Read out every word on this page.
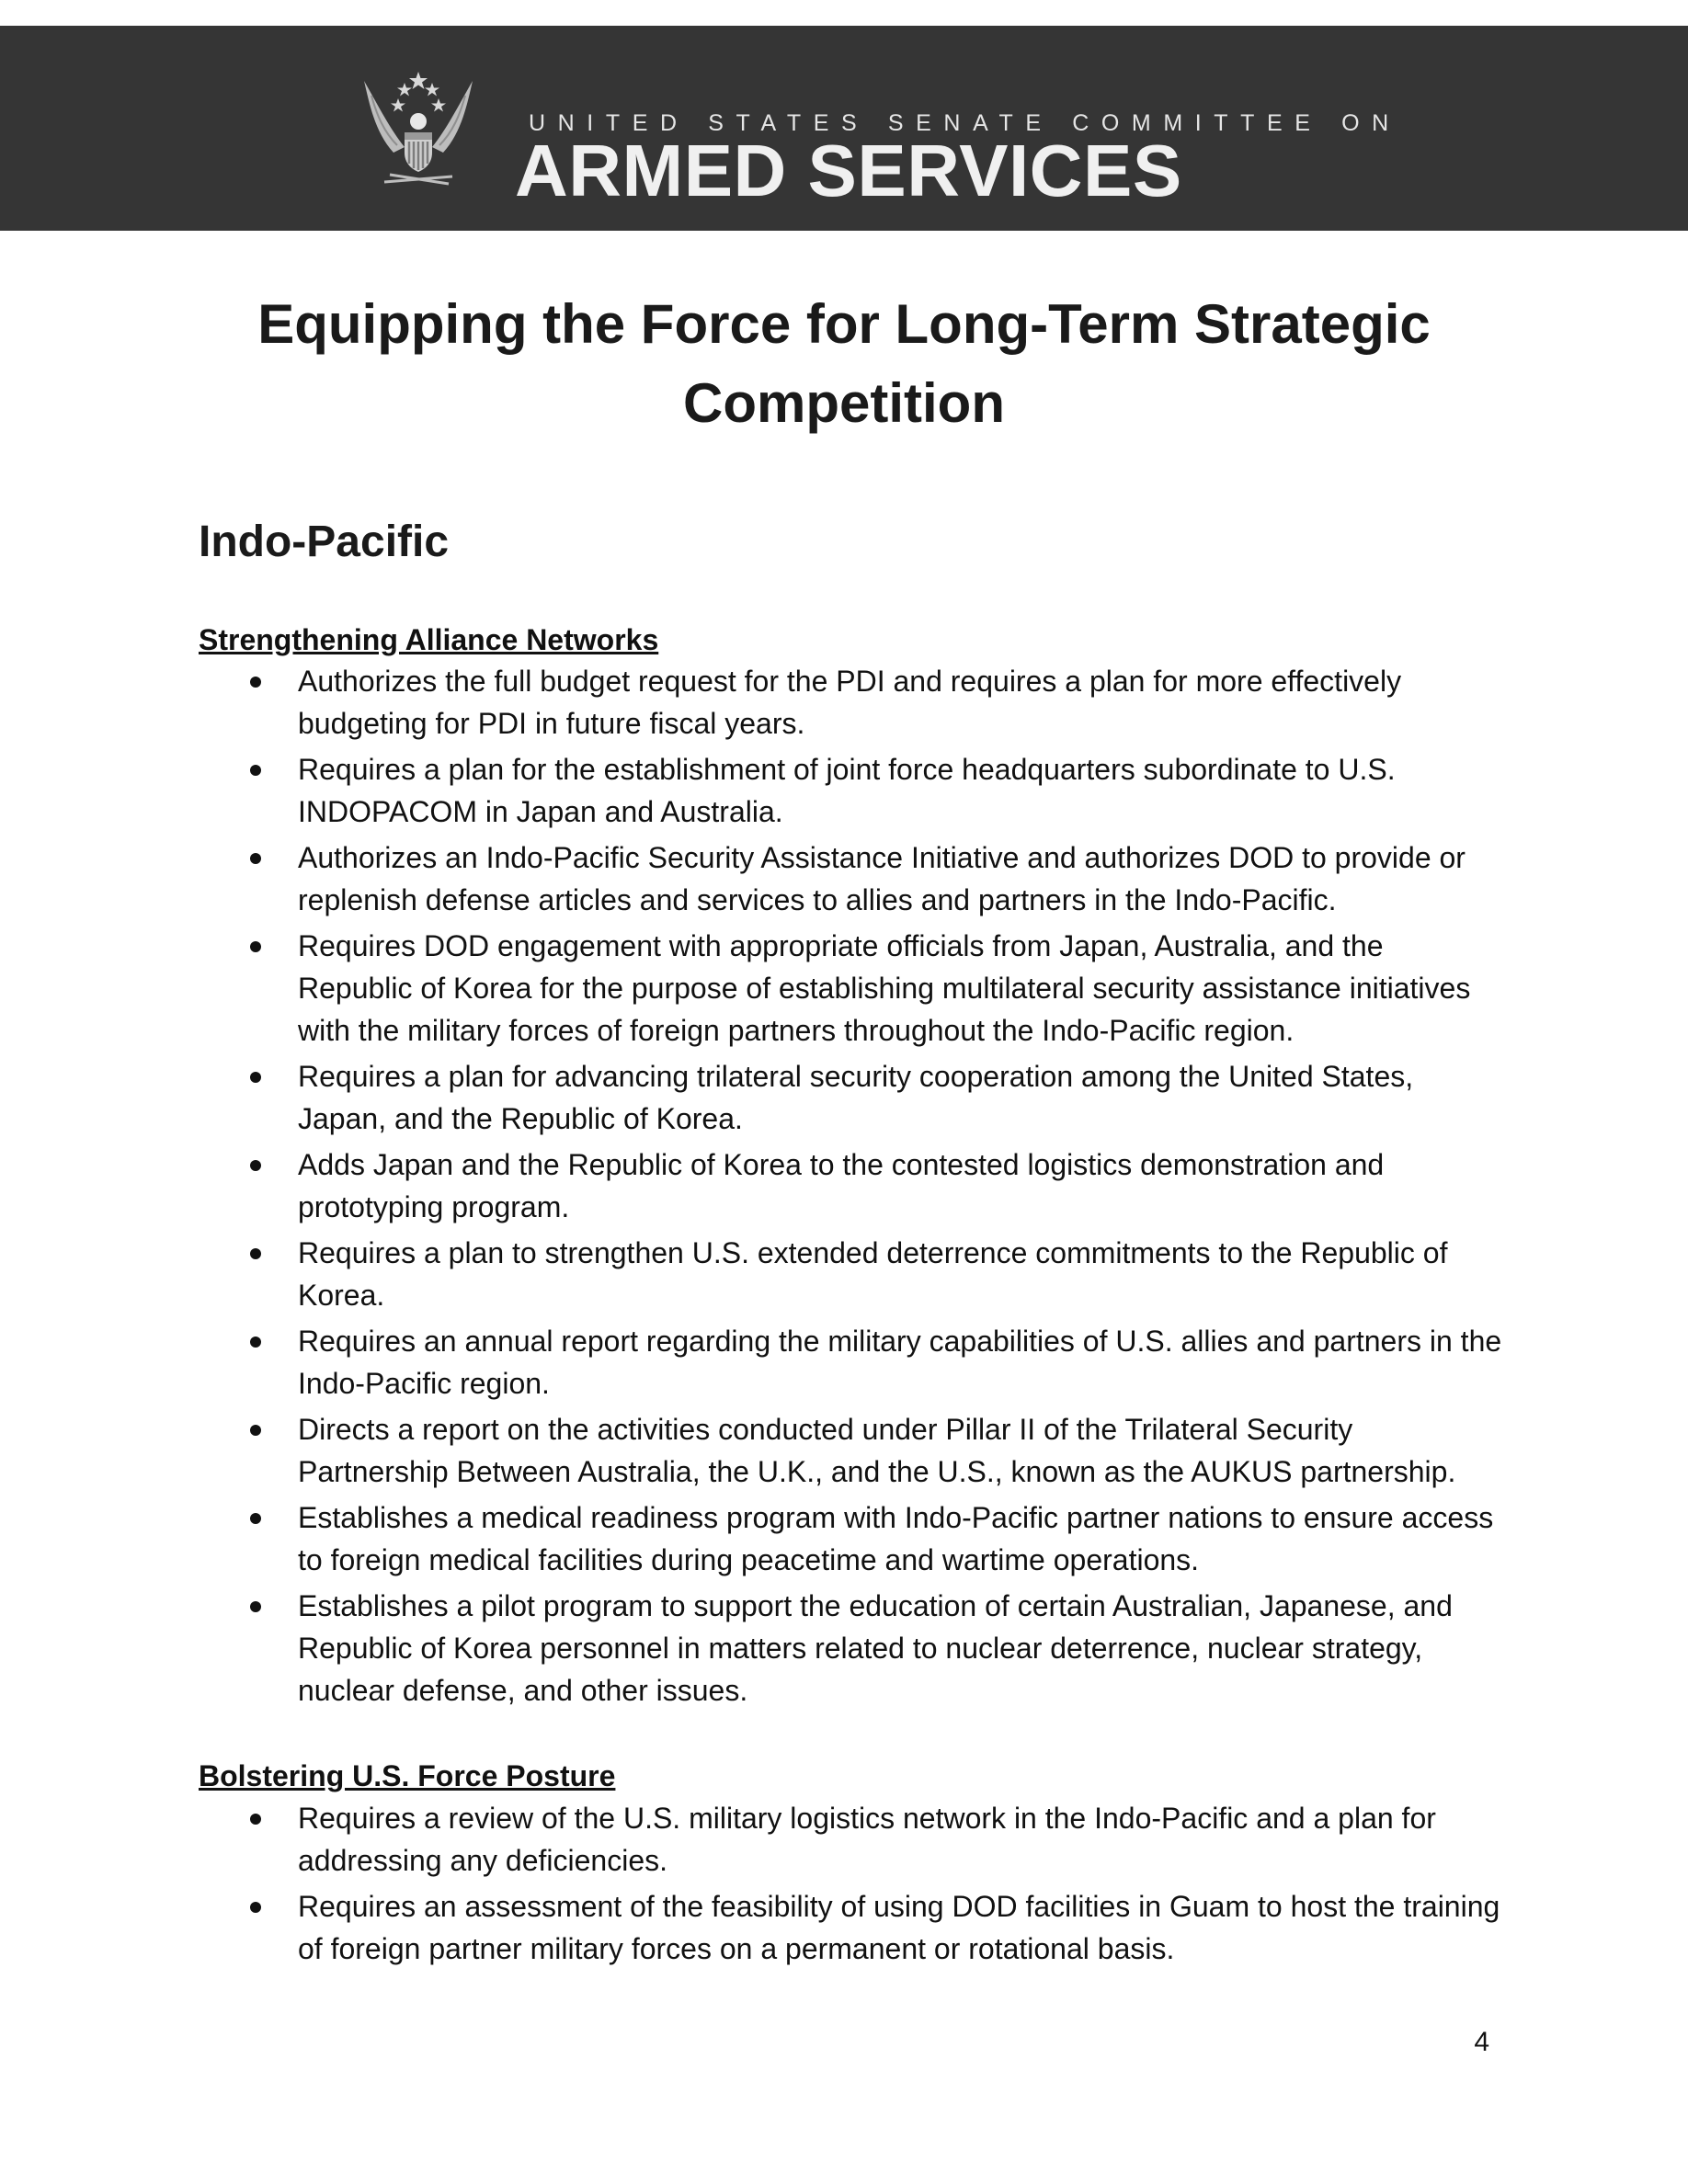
UNITED STATES SENATE COMMITTEE ON
ARMED SERVICES
Equipping the Force for Long-Term Strategic
Competition
Indo-Pacific
Strengthening Alliance Networks
Authorizes the full budget request for the PDI and requires a plan for more effectively budgeting for PDI in future fiscal years.
Requires a plan for the establishment of joint force headquarters subordinate to U.S. INDOPACOM in Japan and Australia.
Authorizes an Indo-Pacific Security Assistance Initiative and authorizes DOD to provide or replenish defense articles and services to allies and partners in the Indo-Pacific.
Requires DOD engagement with appropriate officials from Japan, Australia, and the Republic of Korea for the purpose of establishing multilateral security assistance initiatives with the military forces of foreign partners throughout the Indo-Pacific region.
Requires a plan for advancing trilateral security cooperation among the United States, Japan, and the Republic of Korea.
Adds Japan and the Republic of Korea to the contested logistics demonstration and prototyping program.
Requires a plan to strengthen U.S. extended deterrence commitments to the Republic of Korea.
Requires an annual report regarding the military capabilities of U.S. allies and partners in the Indo-Pacific region.
Directs a report on the activities conducted under Pillar II of the Trilateral Security Partnership Between Australia, the U.K., and the U.S., known as the AUKUS partnership.
Establishes a medical readiness program with Indo-Pacific partner nations to ensure access to foreign medical facilities during peacetime and wartime operations.
Establishes a pilot program to support the education of certain Australian, Japanese, and Republic of Korea personnel in matters related to nuclear deterrence, nuclear strategy, nuclear defense, and other issues.
Bolstering U.S. Force Posture
Requires a review of the U.S. military logistics network in the Indo-Pacific and a plan for addressing any deficiencies.
Requires an assessment of the feasibility of using DOD facilities in Guam to host the training of foreign partner military forces on a permanent or rotational basis.
4
